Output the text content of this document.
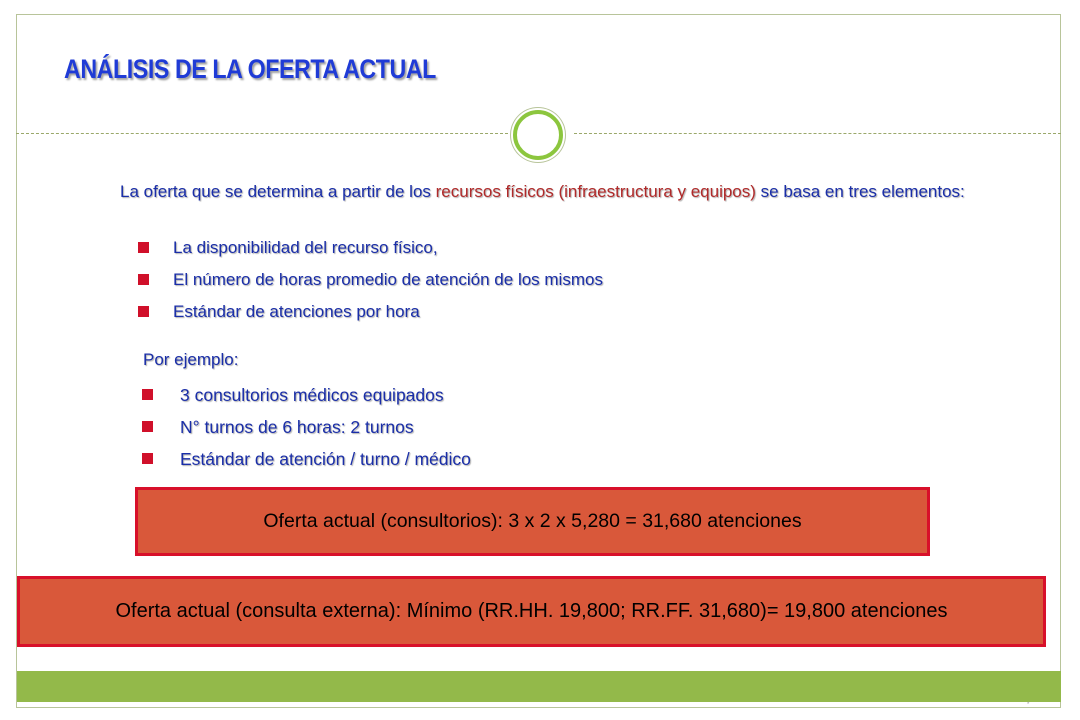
ANÁLISIS DE LA OFERTA ACTUAL
La oferta que se determina a partir de los recursos físicos (infraestructura y equipos) se basa en tres elementos:
La disponibilidad del recurso físico,
El número de horas promedio de atención de los mismos
Estándar de atenciones por hora
Por ejemplo:
3 consultorios médicos equipados
N° turnos de 6 horas: 2 turnos
Estándar de atención / turno / médico
Oferta actual (consultorios): 3 x 2 x 5,280 = 31,680 atenciones
Oferta actual (consulta externa): Mínimo (RR.HH. 19,800; RR.FF. 31,680)= 19,800 atenciones
*
